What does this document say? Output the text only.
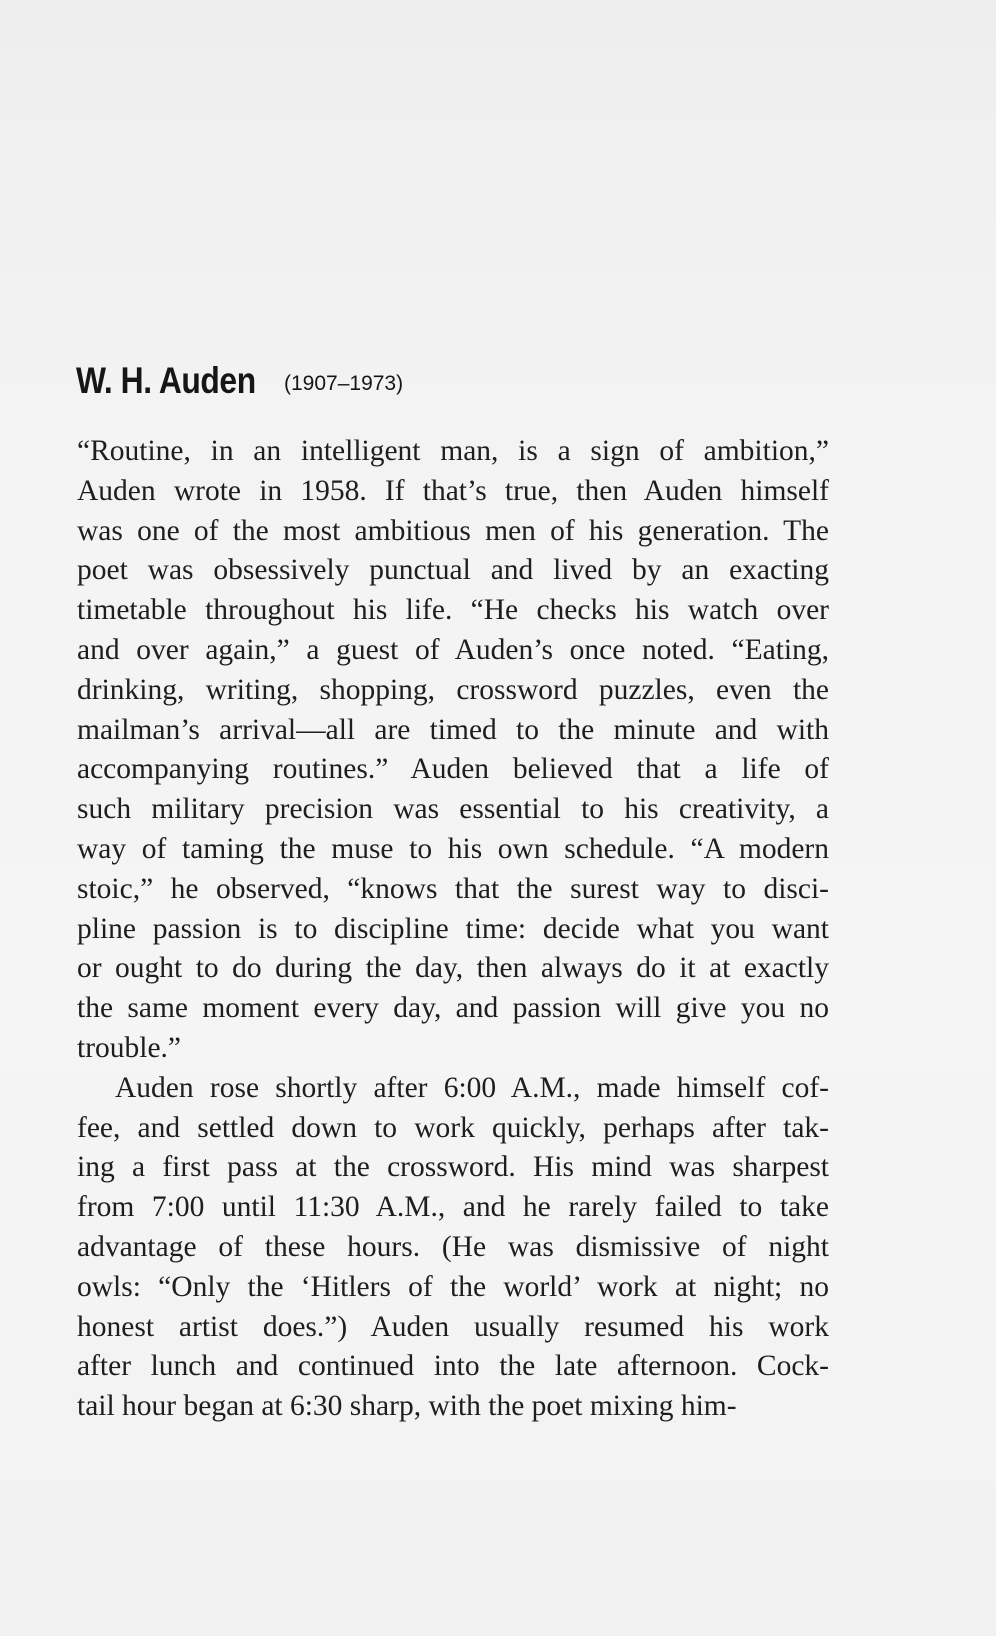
W. H. Auden (1907–1973)
“Routine, in an intelligent man, is a sign of ambition,”
Auden wrote in 1958. If that’s true, then Auden himself
was one of the most ambitious men of his generation. The
poet was obsessively punctual and lived by an exacting
timetable throughout his life. “He checks his watch over
and over again,” a guest of Auden’s once noted. “Eating,
drinking, writing, shopping, crossword puzzles, even the
mailman’s arrival—all are timed to the minute and with
accompanying routines.” Auden believed that a life of
such military precision was essential to his creativity, a
way of taming the muse to his own schedule. “A modern
stoic,” he observed, “knows that the surest way to disci-
pline passion is to discipline time: decide what you want
or ought to do during the day, then always do it at exactly
the same moment every day, and passion will give you no
trouble.”
Auden rose shortly after 6:00 A.M., made himself cof-
fee, and settled down to work quickly, perhaps after tak-
ing a first pass at the crossword. His mind was sharpest
from 7:00 until 11:30 A.M., and he rarely failed to take
advantage of these hours. (He was dismissive of night
owls: “Only the ‘Hitlers of the world’ work at night; no
honest artist does.”) Auden usually resumed his work
after lunch and continued into the late afternoon. Cock-
tail hour began at 6:30 sharp, with the poet mixing him-
